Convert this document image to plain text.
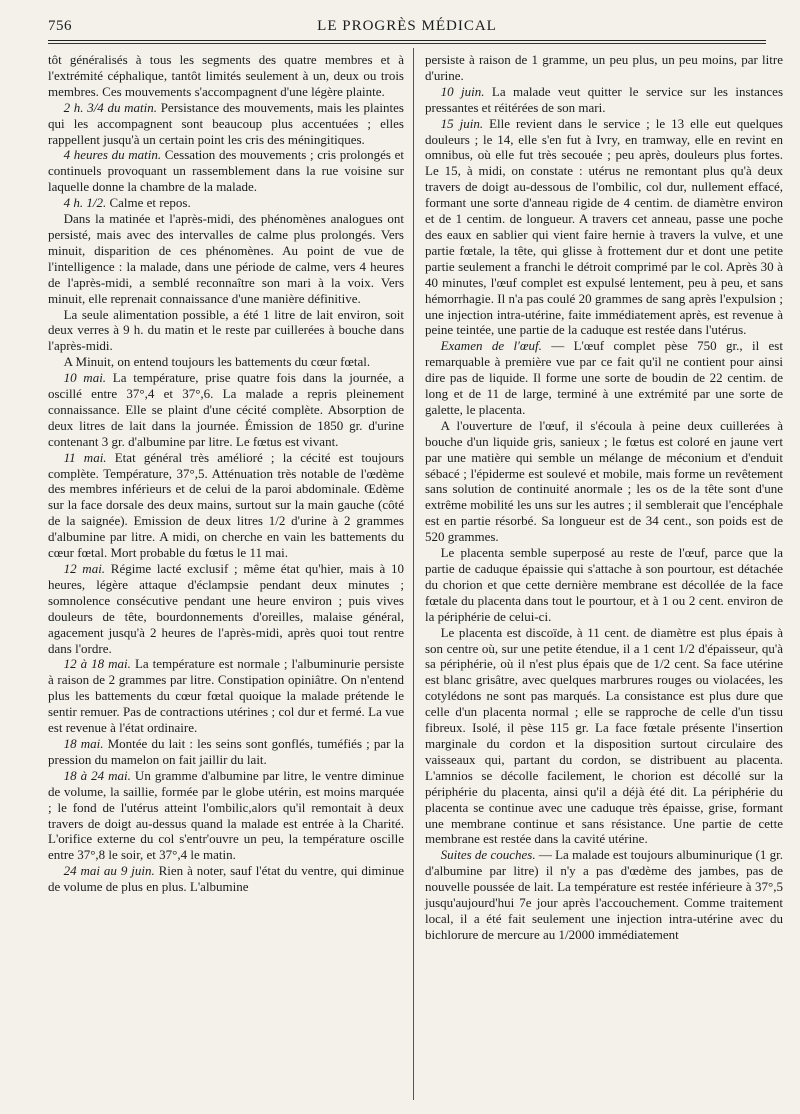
756	LE PROGRÈS MÉDICAL

tôt généralisés à tous les segments des quatre membres et à l'extrémité céphalique, tantôt limités seulement à un, deux ou trois membres. Ces mouvements s'accompagnent d'une légère plainte.

2 h. 3/4 du matin. Persistance des mouvements, mais les plaintes qui les accompagnent sont beaucoup plus accentuées ; elles rappellent jusqu'à un certain point les cris des méningitiques.

4 heures du matin. Cessation des mouvements ; cris prolongés et continuels provoquant un rassemblement dans la rue voisine sur laquelle donne la chambre de la malade.

4 h. 1/2. Calme et repos.

Dans la matinée et l'après-midi, des phénomènes analogues ont persisté, mais avec des intervalles de calme plus prolongés. Vers minuit, disparition de ces phénomènes. Au point de vue de l'intelligence : la malade, dans une période de calme, vers 4 heures de l'après-midi, a semblé reconnaître son mari à la voix. Vers minuit, elle reprenait connaissance d'une manière définitive.

La seule alimentation possible, a été 1 litre de lait environ, soit deux verres à 9 h. du matin et le reste par cuillerées à bouche dans l'après-midi.

A Minuit, on entend toujours les battements du cœur fœtal.

10 mai. La température, prise quatre fois dans la journée, a oscillé entre 37°,4 et 37°,6. La malade a repris pleinement connaissance. Elle se plaint d'une cécité complète. Absorption de deux litres de lait dans la journée. Émission de 1850 gr. d'urine contenant 3 gr. d'albumine par litre. Le fœtus est vivant.

11 mai. Etat général très amélioré ; la cécité est toujours complète. Température, 37°,5. Atténuation très notable de l'œdème des membres inférieurs et de celui de la paroi abdominale. Œdème sur la face dorsale des deux mains, surtout sur la main gauche (côté de la saignée). Emission de deux litres 1/2 d'urine à 2 grammes d'albumine par litre. A midi, on cherche en vain les battements du cœur fœtal. Mort probable du fœtus le 11 mai.

12 mai. Régime lacté exclusif ; même état qu'hier, mais à 10 heures, légère attaque d'éclampsie pendant deux minutes ; somnolence consécutive pendant une heure environ ; puis vives douleurs de tête, bourdonnements d'oreilles, malaise général, agacement jusqu'à 2 heures de l'après-midi, après quoi tout rentre dans l'ordre.

12 à 18 mai. La température est normale ; l'albuminurie persiste à raison de 2 grammes par litre. Constipation opiniâtre. On n'entend plus les battements du cœur fœtal quoique la malade prétende le sentir remuer. Pas de contractions utérines ; col dur et fermé. La vue est revenue à l'état ordinaire.

18 mai. Montée du lait : les seins sont gonflés, tuméfiés ; par la pression du mamelon on fait jaillir du lait.

18 à 24 mai. Un gramme d'albumine par litre, le ventre diminue de volume, la saillie, formée par le globe utérin, est moins marquée ; le fond de l'utérus atteint l'ombilic,alors qu'il remontait à deux travers de doigt au-dessus quand la malade est entrée à la Charité. L'orifice externe du col s'entr'ouvre un peu, la température oscille entre 37°,8 le soir, et 37°,4 le matin.

24 mai au 9 juin. Rien à noter, sauf l'état du ventre, qui diminue de volume de plus en plus. L'albumine

persiste à raison de 1 gramme, un peu plus, un peu moins, par litre d'urine.

10 juin. La malade veut quitter le service sur les instances pressantes et réitérées de son mari.

15 juin. Elle revient dans le service ; le 13 elle eut quelques douleurs ; le 14, elle s'en fut à Ivry, en tramway, elle en revint en omnibus, où elle fut très secouée ; peu après, douleurs plus fortes. Le 15, à midi, on constate : utérus ne remontant plus qu'à deux travers de doigt au-dessous de l'ombilic, col dur, nullement effacé, formant une sorte d'anneau rigide de 4 centim. de diamètre environ et de 1 centim. de longueur. A travers cet anneau, passe une poche des eaux en sablier qui vient faire hernie à travers la vulve, et une partie fœtale, la tête, qui glisse à frottement dur et dont une petite partie seulement a franchi le détroit comprimé par le col. Après 30 à 40 minutes, l'œuf complet est expulsé lentement, peu à peu, et sans hémorrhagie. Il n'a pas coulé 20 grammes de sang après l'expulsion ; une injection intra-utérine, faite immédiatement après, est revenue à peine teintée, une partie de la caduque est restée dans l'utérus.

Examen de l'œuf. — L'œuf complet pèse 750 gr., il est remarquable à première vue par ce fait qu'il ne contient pour ainsi dire pas de liquide. Il forme une sorte de boudin de 22 centim. de long et de 11 de large, terminé à une extrémité par une sorte de galette, le placenta.

A l'ouverture de l'œuf, il s'écoula à peine deux cuillerées à bouche d'un liquide gris, sanieux ; le fœtus est coloré en jaune vert par une matière qui semble un mélange de méconium et d'enduit sébacé ; l'épiderme est soulevé et mobile, mais forme un revêtement sans solution de continuité anormale ; les os de la tête sont d'une extrême mobilité les uns sur les autres ; il semblerait que l'encéphale est en partie résorbé. Sa longueur est de 34 cent., son poids est de 520 grammes.

Le placenta semble superposé au reste de l'œuf, parce que la partie de caduque épaissie qui s'attache à son pourtour, est détachée du chorion et que cette dernière membrane est décollée de la face fœtale du placenta dans tout le pourtour, et à 1 ou 2 cent. environ de la périphérie de celui-ci.

Le placenta est discoïde, à 11 cent. de diamètre est plus épais à son centre où, sur une petite étendue, il a 1 cent 1/2 d'épaisseur, qu'à sa périphérie, où il n'est plus épais que de 1/2 cent. Sa face utérine est blanc grisâtre, avec quelques marbrures rouges ou violacées, les cotylédons ne sont pas marqués. La consistance est plus dure que celle d'un placenta normal ; elle se rapproche de celle d'un tissu fibreux. Isolé, il pèse 115 gr. La face fœtale présente l'insertion marginale du cordon et la disposition surtout circulaire des vaisseaux qui, partant du cordon, se distribuent au placenta. L'amnios se décolle facilement, le chorion est décollé sur la périphérie du placenta, ainsi qu'il a déjà été dit. La périphérie du placenta se continue avec une caduque très épaisse, grise, formant une membrane continue et sans résistance. Une partie de cette membrane est restée dans la cavité utérine.

Suites de couches. — La malade est toujours albuminurique (1 gr. d'albumine par litre) il n'y a pas d'œdème des jambes, pas de nouvelle poussée de lait. La température est restée inférieure à 37°,5 jusqu'aujourd'hui 7e jour après l'accouchement. Comme traitement local, il a été fait seulement une injection intra-utérine avec du bichlorure de mercure au 1/2000 immédiatement
